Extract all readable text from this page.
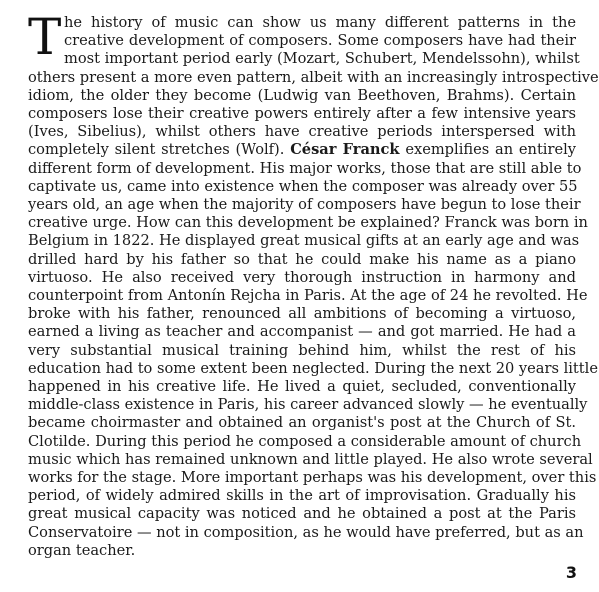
T he history of music can show us many different patterns in the
creative development of composers. Some composers have had their
most important period early (Mozart, Schubert, Mendelssohn), whilst
others present a more even pattern, albeit with an increasingly introspective
idiom, the older they become (Ludwig van Beethoven, Brahms). Certain
composers lose their creative powers entirely after a few intensive years
(Ives, Sibelius), whilst others have creative periods interspersed with
completely silent stretches (Wolf). César Franck exemplifies an entirely
different form of development. His major works, those that are still able to
captivate us, came into existence when the composer was already over 55
years old, an age when the majority of composers have begun to lose their
creative urge. How can this development be explained? Franck was born in
Belgium in 1822. He displayed great musical gifts at an early age and was
drilled hard by his father so that he could make his name as a piano
virtuoso. He also received very thorough instruction in harmony and
counterpoint from Antonín Rejcha in Paris. At the age of 24 he revolted. He
broke with his father, renounced all ambitions of becoming a virtuoso,
earned a living as teacher and accompanist — and got married. He had a
very substantial musical training behind him, whilst the rest of his
education had to some extent been neglected. During the next 20 years little
happened in his creative life. He lived a quiet, secluded, conventionally
middle-class existence in Paris, his career advanced slowly — he eventually
became choirmaster and obtained an organist's post at the Church of St.
Clotilde. During this period he composed a considerable amount of church
music which has remained unknown and little played. He also wrote several
works for the stage. More important perhaps was his development, over this
period, of widely admired skills in the art of improvisation. Gradually his
great musical capacity was noticed and he obtained a post at the Paris
Conservatoire — not in composition, as he would have preferred, but as an
organ teacher.
3
